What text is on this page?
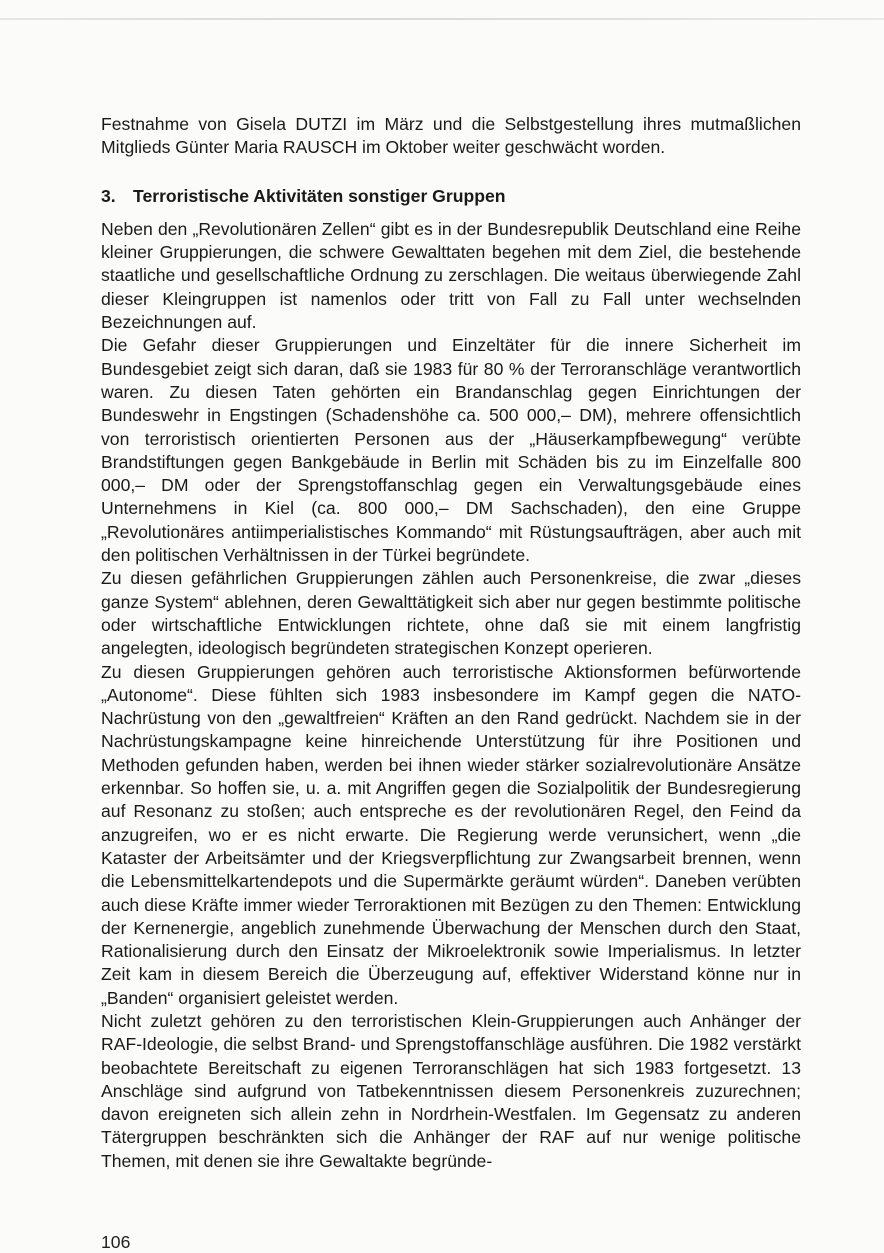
Festnahme von Gisela DUTZI im März und die Selbstgestellung ihres mutmaßlichen Mitglieds Günter Maria RAUSCH im Oktober weiter geschwächt worden.

3. Terroristische Aktivitäten sonstiger Gruppen

Neben den „Revolutionären Zellen“ gibt es in der Bundesrepublik Deutschland eine Reihe kleiner Gruppierungen, die schwere Gewalttaten begehen mit dem Ziel, die bestehende staatliche und gesellschaftliche Ordnung zu zerschlagen. Die weitaus überwiegende Zahl dieser Kleingruppen ist namenlos oder tritt von Fall zu Fall unter wechselnden Bezeichnungen auf.

Die Gefahr dieser Gruppierungen und Einzeltäter für die innere Sicherheit im Bundesgebiet zeigt sich daran, daß sie 1983 für 80 % der Terroranschläge verantwortlich waren. Zu diesen Taten gehörten ein Brandanschlag gegen Einrichtungen der Bundeswehr in Engstingen (Schadenshöhe ca. 500 000,– DM), mehrere offensichtlich von terroristisch orientierten Personen aus der „Häuserkampfbewegung“ verübte Brandstiftungen gegen Bankgebäude in Berlin mit Schäden bis zu im Einzelfalle 800 000,– DM oder der Sprengstoffanschlag gegen ein Verwaltungsgebäude eines Unternehmens in Kiel (ca. 800 000,– DM Sachschaden), den eine Gruppe „Revolutionäres antiimperialistisches Kommando“ mit Rüstungsaufträgen, aber auch mit den politischen Verhältnissen in der Türkei begründete.

Zu diesen gefährlichen Gruppierungen zählen auch Personenkreise, die zwar „dieses ganze System“ ablehnen, deren Gewalttätigkeit sich aber nur gegen bestimmte politische oder wirtschaftliche Entwicklungen richtete, ohne daß sie mit einem langfristig angelegten, ideologisch begründeten strategischen Konzept operieren.

Zu diesen Gruppierungen gehören auch terroristische Aktionsformen befürwortende „Autonome“. Diese fühlten sich 1983 insbesondere im Kampf gegen die NATO-Nachrüstung von den „gewaltfreien“ Kräften an den Rand gedrückt. Nachdem sie in der Nachrüstungskampagne keine hinreichende Unterstützung für ihre Positionen und Methoden gefunden haben, werden bei ihnen wieder stärker sozialrevolutionäre Ansätze erkennbar. So hoffen sie, u. a. mit Angriffen gegen die Sozialpolitik der Bundesregierung auf Resonanz zu stoßen; auch entspreche es der revolutionären Regel, den Feind da anzugreifen, wo er es nicht erwarte. Die Regierung werde verunsichert, wenn „die Kataster der Arbeitsämter und der Kriegsverpflichtung zur Zwangsarbeit brennen, wenn die Lebensmittelkartendepots und die Supermärkte geräumt würden“. Daneben verübten auch diese Kräfte immer wieder Terroraktionen mit Bezügen zu den Themen: Entwicklung der Kernenergie, angeblich zunehmende Überwachung der Menschen durch den Staat, Rationalisierung durch den Einsatz der Mikroelektronik sowie Imperialismus. In letzter Zeit kam in diesem Bereich die Überzeugung auf, effektiver Widerstand könne nur in „Banden“ organisiert geleistet werden.

Nicht zuletzt gehören zu den terroristischen Klein-Gruppierungen auch Anhänger der RAF-Ideologie, die selbst Brand- und Sprengstoffanschläge ausführen. Die 1982 verstärkt beobachtete Bereitschaft zu eigenen Terroranschlägen hat sich 1983 fortgesetzt. 13 Anschläge sind aufgrund von Tatbekenntnissen diesem Personenkreis zuzurechnen; davon ereigneten sich allein zehn in Nordrhein-Westfalen. Im Gegensatz zu anderen Tätergruppen beschränkten sich die Anhänger der RAF auf nur wenige politische Themen, mit denen sie ihre Gewaltakte begründe-

106
